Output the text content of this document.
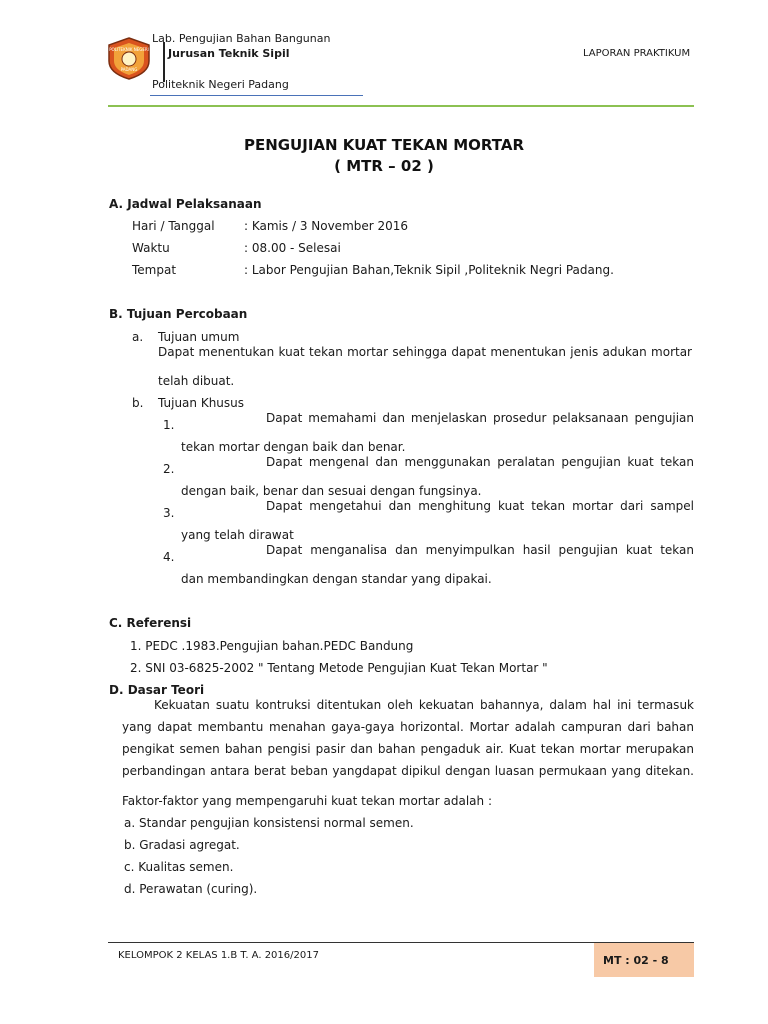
POLITEKNIK NEGERI
PADANG
Lab. Pengujian Bahan Bangunan
Jurusan Teknik Sipil
Politeknik Negeri Padang
LAPORAN PRAKTIKUM
PENGUJIAN KUAT TEKAN MORTAR
( MTR – 02 )
A. Jadwal Pelaksanaan
Hari / Tanggal : Kamis / 3 November 2016
Waktu	: 08.00 - Selesai
Tempat	: Labor Pengujian Bahan,Teknik Sipil ,Politeknik Negri Padang.
B. Tujuan Percobaan
a. Tujuan umum
Dapat menentukan kuat tekan mortar sehingga dapat menentukan jenis adukan mortar
telah dibuat.
b. Tujuan Khusus
1.	Dapat memahami dan menjelaskan prosedur pelaksanaan pengujian
tekan mortar dengan baik dan benar.
2.	Dapat mengenal dan menggunakan peralatan pengujian kuat tekan
dengan baik, benar dan sesuai dengan fungsinya.
3.	Dapat mengetahui dan menghitung kuat tekan mortar dari sampel
yang telah dirawat
4.	Dapat menganalisa dan menyimpulkan hasil pengujian kuat tekan
dan membandingkan dengan standar yang dipakai.
C. Referensi
1. PEDC .1983.Pengujian bahan.PEDC Bandung
2. SNI 03-6825-2002 " Tentang Metode Pengujian Kuat Tekan Mortar "
D. Dasar Teori
Kekuatan suatu kontruksi ditentukan oleh kekuatan bahannya, dalam hal ini termasuk
yang dapat membantu menahan gaya-gaya horizontal. Mortar adalah campuran dari bahan
pengikat semen bahan pengisi pasir dan bahan pengaduk air. Kuat tekan mortar merupakan
perbandingan antara berat beban yangdapat dipikul dengan luasan permukaan yang ditekan.
Faktor-faktor yang mempengaruhi kuat tekan mortar adalah :
a. Standar pengujian konsistensi normal semen.
b. Gradasi agregat.
c. Kualitas semen.
d. Perawatan (curing).
KELOMPOK 2 KELAS 1.B T. A. 2016/2017	MT : 02 - 8
